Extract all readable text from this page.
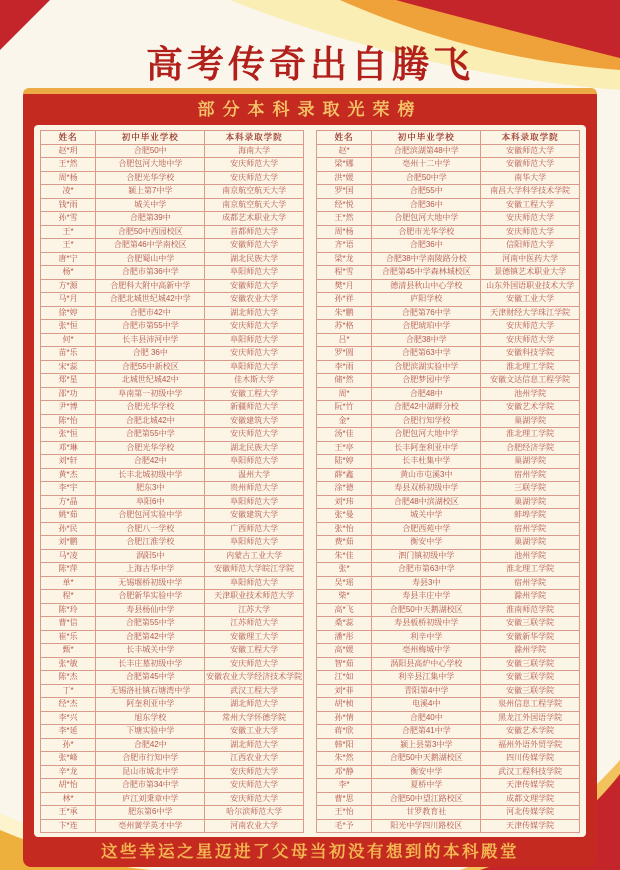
高考传奇出自腾飞
部分本科录取光荣榜
姓名	初中毕业学校	本科录取学院
赵*玥	合肥50中	海南大学
王*然	合肥包河大地中学	安庆师范大学
周*杨	合肥光华学校	安庆师范大学
凌*	颍上第7中学	南京航空航天大学
钱*雨	城关中学	南京航空航天大学
孙*雪	合肥第39中	成都艺术职业大学
王*	合肥50中西园校区	首都师范大学
王*	合肥第46中学南校区	安徽师范大学
唐*宁	合肥蜀山中学	湖北民族大学
杨*	合肥市第36中学	阜阳师范大学
方*源	合肥科大附中高新中学	安徽师范大学
马*月	合肥北城世纪城42中学	安徽农业大学
徐*婷	合肥市42中	湖北师范大学
张*恒	合肥市第55中学	安庆师范大学
何*	长丰县沛河中学	阜阳师范大学
苗*乐	合肥 36中	安庆师范大学
宋*蕊	合肥55中新校区	阜阳师范大学
郑*星	北城世纪城42中	佳木斯大学
邵*功	阜南第一初级中学	安徽工程大学
尹*博	合肥光华学校	新疆师范大学
陈*怡	合肥北城42中	安徽建筑大学
张*恒	合肥第55中学	安庆师范大学
邓*琳	合肥光华学校	湖北民族大学
刘*轩	合肥42中	阜阳师范大学
黄*杰	长丰北城初级中学	温州大学
李*宇	肥东3中	贵州师范大学
方*晶	阜阳6中	阜阳师范大学
姚*茹	合肥包河实验中学	安徽建筑大学
孙*民	合肥八一学校	广西师范大学
刘*鹏	合肥江淮学校	阜阳师范大学
马*凌	涡阳5中	内蒙古工业大学
陈*萍	上海古华中学	安徽师范大学皖江学院
单*	无锡堰桥初级中学	阜阳师范大学
程*	合肥新华实验中学	天津职业技术师范大学
陈*玲	寿县杨仙中学	江苏大学
曹*信	合肥第55中学	江苏师范大学
崔*乐	合肥第42中学	安徽理工大学
甄*	长丰城关中学	安徽工程大学
张*敏	长丰庄墓初级中学	安庆师范大学
陈*杰	合肥第45中学	安徽农业大学经济技术学院
丁*	无锡洛社镇石塘湾中学	武汉工程大学
经*杰	阿奎利亚中学	湖北师范大学
李*兴	旭东学校	常州大学怀德学院
李*延	下塘实验中学	安徽工业大学
孙*	合肥42中	湖北师范大学
张*峰	合肥市行知中学	江西农业大学
辛*龙	昆山市城北中学	安庆师范大学
胡*怡	合肥市第34中学	安庆师范大学
林*	庐江刘秉章中学	安庆师范大学
王*承	肥东第6中学	哈尔滨师范大学
卞*连	亳州黉学英才中学	河南农业大学
姓名	初中毕业学校	本科录取学院
赵*	合肥滨湖第48中学	安徽师范大学
梁*娜	亳州十二中学	安徽师范大学
洪*媛	合肥50中学	南华大学
罗*国	合肥55中	南昌大学科学技术学院
经*悦	合肥36中	安徽工程大学
王*然	合肥包河大地中学	安庆师范大学
周*杨	合肥市光华学校	安庆师范大学
齐*语	合肥36中	信阳师范大学
梁*龙	合肥38中学南陵路分校	河南中医药大学
程*雪	合肥第45中学森林城校区	景德镇艺术职业大学
樊*月	德清县秋山中心学校	山东外国语职业技术大学
孙*祥	庐阳学校	安徽工业大学
朱*鹏	合肥第76中学	天津财经大学珠江学院
苏*格	合肥琥珀中学	安庆师范大学
吕*	合肥38中学	安庆师范大学
罗*圆	合肥第63中学	安徽科技学院
李*雨	合肥滨湖实验中学	淮北理工学院
储*然	合肥梦园中学	安徽文达信息工程学院
周*	合肥48中	池州学院
阮*竹	合肥42中湖畔分校	安徽艺术学院
金*	合肥行知学校	巢湖学院
汤*佳	合肥包河大地中学	淮北理工学院
王*亭	长丰阿奎利亚中学	合肥经济学院
陆*婷	长丰杜集中学	巢湖学院
薛*鑫	黄山市屯溪3中	宿州学院
涂*德	寿县双桥初级中学	三联学院
刘*玮	合肥48中滨湖校区	巢湖学院
张*曼	城关中学	蚌埠学院
张*怡	合肥西苑中学	宿州学院
费*茹	衡安中学	巢湖学院
朱*佳	泗门镇初级中学	池州学院
张*	合肥市第63中学	淮北理工学院
吴*瑶	寿县3中	宿州学院
柴*	寿县丰庄中学	滁州学院
高*飞	合肥50中天鹅湖校区	淮南师范学院
桑*蕊	寿县板桥初级中学	安徽三联学院
潘*彤	利辛中学	安徽新华学院
高*媛	亳州梅城中学	滁州学院
智*茹	涡阳县高炉中心学校	安徽三联学院
江*如	利辛县江集中学	安徽三联学院
刘*菲	青阳第4中学	安徽三联学院
胡*桢	电溪4中	泉州信息工程学院
孙*情	合肥40中	黑龙江外国语学院
蒋*欣	合肥第41中学	安徽艺术学院
韩*阳	颍上县第3中学	福州外语外贸学院
朱*然	合肥50中天鹅湖校区	四川传媒学院
邓*静	衡安中学	武汉工程科技学院
李*	夏桥中学	天津传媒学院
曹*思	合肥50中望江路校区	成都文理学院
王*怡	甘罗教育社	河北传媒学院
毛*予	阳光中学四川路校区	天津传媒学院
这些幸运之星迈进了父母当初没有想到的本科殿堂
